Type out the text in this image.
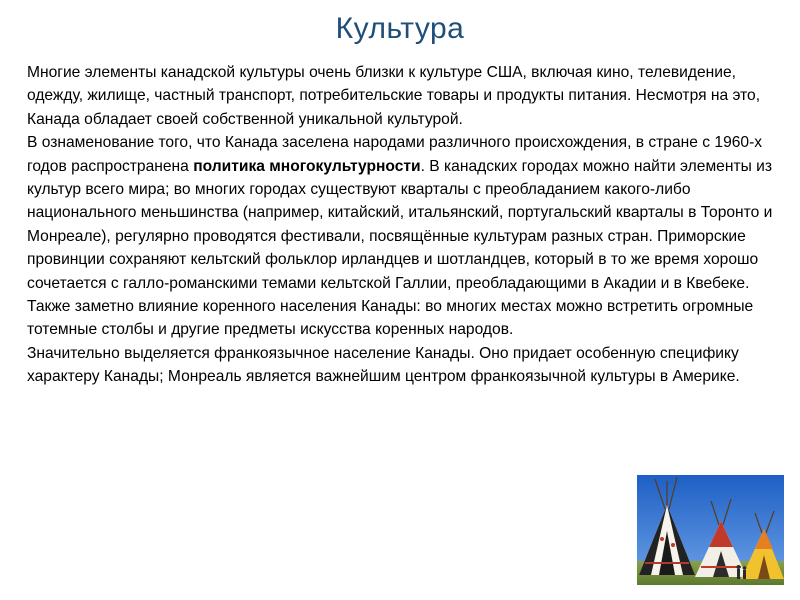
Культура

Многие элементы канадской культуры очень близки к культуре США, включая кино, телевидение, одежду, жилище, частный транспорт, потребительские товары и продукты питания. Несмотря на это, Канада обладает своей собственной уникальной культурой.

В ознаменование того, что Канада заселена народами различного происхождения, в стране с 1960-х годов распространена политика многокультурности. В канадских городах можно найти элементы из культур всего мира; во многих городах существуют кварталы с преобладанием какого-либо национального меньшинства (например, китайский, итальянский, португальский кварталы в Торонто и Монреале), регулярно проводятся фестивали, посвящённые культурам разных стран. Приморские провинции сохраняют кельтский фольклор ирландцев и шотландцев, который в то же время хорошо сочетается с галло-романскими темами кельтской Галлии, преобладающими в Акадии и в Квебеке. Также заметно влияние коренного населения Канады: во многих местах можно встретить огромные тотемные столбы и другие предметы искусства коренных народов.

Значительно выделяется франкоязычное население Канады. Оно придает особенную специфику характеру Канады; Монреаль является важнейшим центром франкоязычной культуры в Америке.
